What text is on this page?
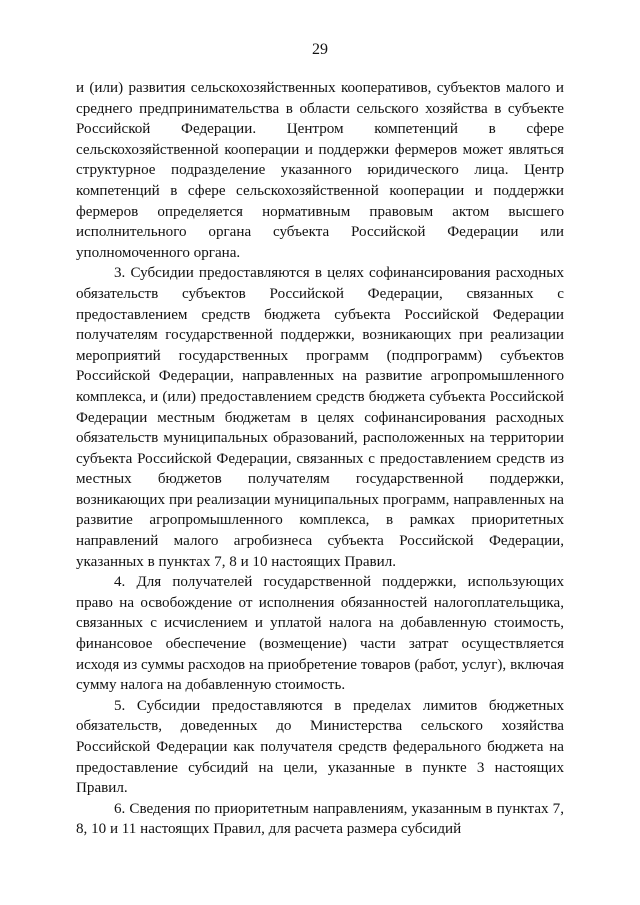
29

и (или) развития сельскохозяйственных кооперативов, субъектов малого и среднего предпринимательства в области сельского хозяйства в субъекте Российской Федерации. Центром компетенций в сфере сельскохозяйственной кооперации и поддержки фермеров может являться структурное подразделение указанного юридического лица. Центр компетенций в сфере сельскохозяйственной кооперации и поддержки фермеров определяется нормативным правовым актом высшего исполнительного органа субъекта Российской Федерации или уполномоченного органа.

3. Субсидии предоставляются в целях софинансирования расходных обязательств субъектов Российской Федерации, связанных с предоставлением средств бюджета субъекта Российской Федерации получателям государственной поддержки, возникающих при реализации мероприятий государственных программ (подпрограмм) субъектов Российской Федерации, направленных на развитие агропромышленного комплекса, и (или) предоставлением средств бюджета субъекта Российской Федерации местным бюджетам в целях софинансирования расходных обязательств муниципальных образований, расположенных на территории субъекта Российской Федерации, связанных с предоставлением средств из местных бюджетов получателям государственной поддержки, возникающих при реализации муниципальных программ, направленных на развитие агропромышленного комплекса, в рамках приоритетных направлений малого агробизнеса субъекта Российской Федерации, указанных в пунктах 7, 8 и 10 настоящих Правил.

4. Для получателей государственной поддержки, использующих право на освобождение от исполнения обязанностей налогоплательщика, связанных с исчислением и уплатой налога на добавленную стоимость, финансовое обеспечение (возмещение) части затрат осуществляется исходя из суммы расходов на приобретение товаров (работ, услуг), включая сумму налога на добавленную стоимость.

5. Субсидии предоставляются в пределах лимитов бюджетных обязательств, доведенных до Министерства сельского хозяйства Российской Федерации как получателя средств федерального бюджета на предоставление субсидий на цели, указанные в пункте 3 настоящих Правил.

6. Сведения по приоритетным направлениям, указанным в пунктах 7, 8, 10 и 11 настоящих Правил, для расчета размера субсидий
